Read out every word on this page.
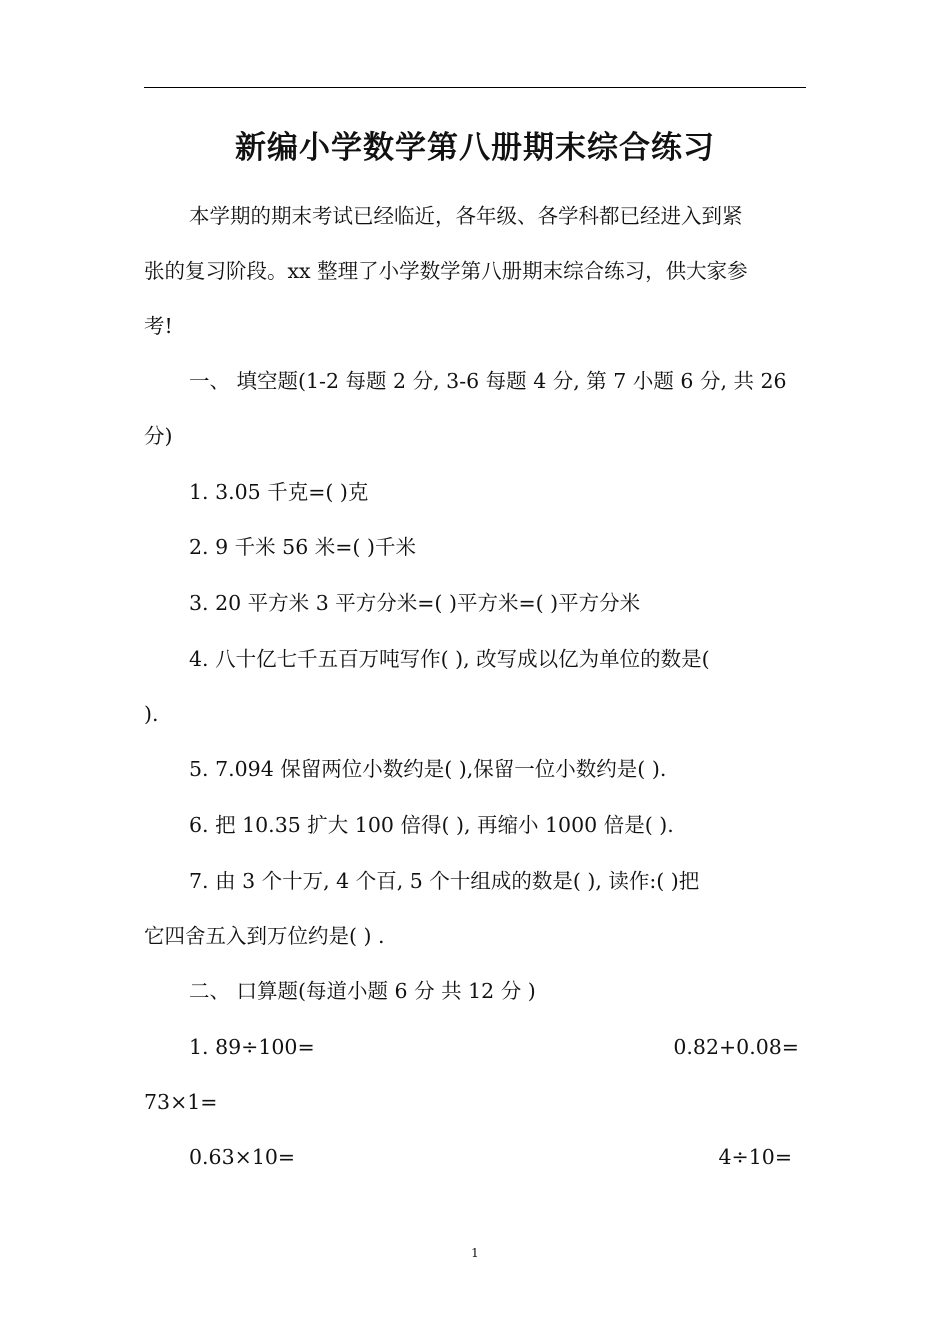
新编小学数学第八册期末综合练习
本学期的期末考试已经临近，各年级、各学科都已经进入到紧
张的复习阶段。xx 整理了小学数学第八册期末综合练习，供大家参
考!
一、 填空题(1-2 每题 2 分, 3-6 每题 4 分, 第 7 小题 6 分, 共 26
分)
1. 3.05 千克=( )克
2. 9 千米 56 米=( )千米
3. 20 平方米 3 平方分米=( )平方米=( )平方分米
4. 八十亿七千五百万吨写作( ), 改写成以亿为单位的数是(
).
5. 7.094 保留两位小数约是( ),保留一位小数约是( ).
6. 把 10.35 扩大 100 倍得( ), 再缩小 1000 倍是( ).
7. 由 3 个十万, 4 个百, 5 个十组成的数是( ), 读作:( )把
它四舍五入到万位约是( ) .
二、 口算题(每道小题 6 分 共 12 分 )
1. 89÷100=	0.82+0.08=
73×1=
0.63×10=	4÷10=
1
